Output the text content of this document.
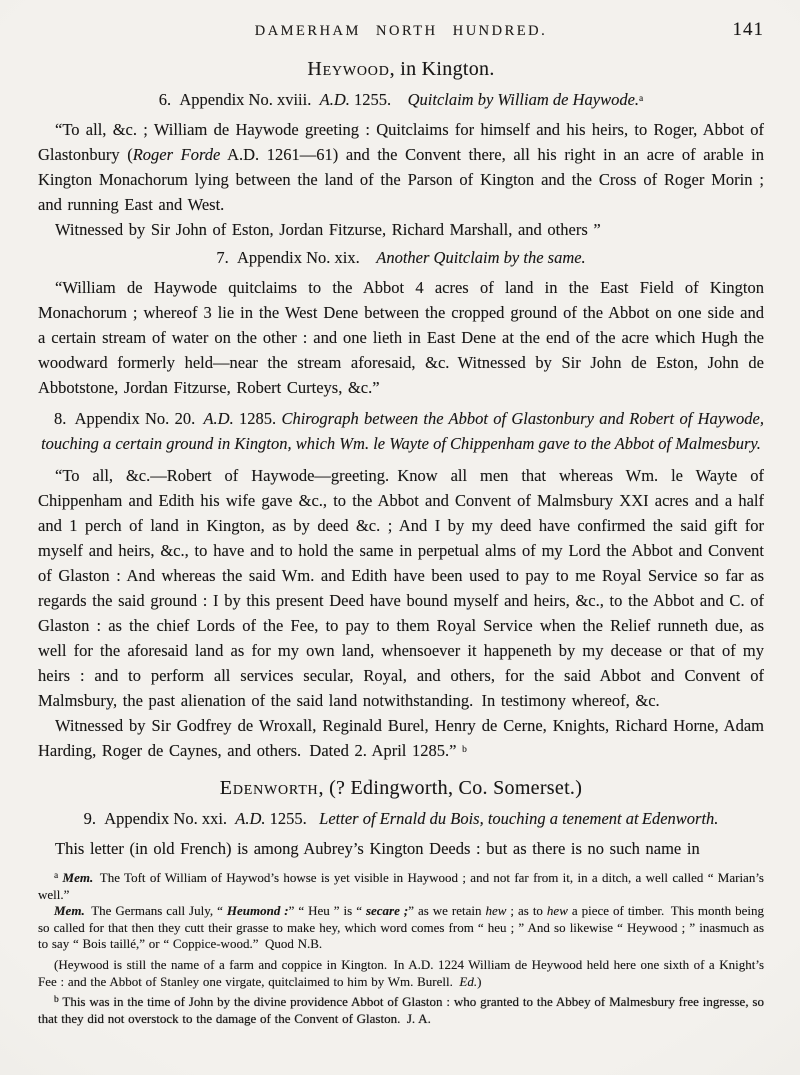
DAMERHAM NORTH HUNDRED.	141
Heywood, in Kington.
6. Appendix No. xviii. A.D. 1255.  Quitclaim by William de Haywode.$^a$

“To all, &c. ; William de Haywode greeting : Quitclaims for himself and his heirs, to Roger, Abbot of Glastonbury (Roger Forde A.D. 1261—61) and the Convent there, all his right in an acre of arable in Kington Monachorum lying between the land of the Parson of Kington and the Cross of Roger Morin ; and running East and West.

Witnessed by Sir John of Eston, Jordan Fitzurse, Richard Marshall, and others ”

7. Appendix No. xix.  Another Quitclaim by the same.

“William de Haywode quitclaims to the Abbot 4 acres of land in the East Field of Kington Monachorum ; whereof 3 lie in the West Dene between the cropped ground of the Abbot on one side and a certain stream of water on the other : and one lieth in East Dene at the end of the acre which Hugh the woodward formerly held—near the stream aforesaid, &c. Witnessed by Sir John de Eston, John de Abbotstone, Jordan Fitzurse, Robert Curteys, &c.”

8. Appendix No. 20. A.D. 1285. Chirograph between the Abbot of Glastonbury and Robert of Haywode, touching a certain ground in Kington, which Wm. le Wayte of Chippenham gave to the Abbot of Malmesbury.

“To all, &c.—Robert of Haywode—greeting. Know all men that whereas Wm. le Wayte of Chippenham and Edith his wife gave &c., to the Abbot and Convent of Malmsbury XXI acres and a half and 1 perch of land in Kington, as by deed &c. ; And I by my deed have confirmed the said gift for myself and heirs, &c., to have and to hold the same in perpetual alms of my Lord the Abbot and Convent of Glaston : And whereas the said Wm. and Edith have been used to pay to me Royal Service so far as regards the said ground : I by this present Deed have bound myself and heirs, &c., to the Abbot and C. of Glaston : as the chief Lords of the Fee, to pay to them Royal Service when the Relief runneth due, as well for the aforesaid land as for my own land, whensoever it happeneth by my decease or that of my heirs : and to perform all services secular, Royal, and others, for the said Abbot and Convent of Malmsbury, the past alienation of the said land notwithstanding. In testimony whereof, &c.

Witnessed by Sir Godfrey de Wroxall, Reginald Burel, Henry de Cerne, Knights, Richard Horne, Adam Harding, Roger de Caynes, and others. Dated 2. April 1285.” $^b$

Edenworth, (? Edingworth, Co. Somerset.)
9. Appendix No. xxi. A.D. 1255.  Letter of Ernald du Bois, touching a tenement at Edenworth.

This letter (in old French) is among Aubrey’s Kington Deeds : but as there is no such name in

$^a$ Mem. The Toft of William of Haywod’s howse is yet visible in Haywood ; and not far from it, in a ditch, a well called “ Marian’s well.”

Mem. The Germans call July, “ Heumond :” “ Heu ” is “ secare ;” as we retain hew ; as to hew a piece of timber. This month being so called for that then they cutt their grasse to make hey, which word comes from “ heu ; ” And so likewise “ Heywood ; ” inasmuch as to say “ Bois taillé,” or “ Coppice-wood.” Quod N.B.

(Heywood is still the name of a farm and coppice in Kington. In A.D. 1224 William de Heywood held here one sixth of a Knight’s Fee : and the Abbot of Stanley one virgate, quitclaimed to him by Wm. Burell. Ed.)

$^b$ This was in the time of John by the divine providence Abbot of Glaston : who granted to the Abbey of Malmesbury free ingresse, so that they did not overstock to the damage of the Convent of Glaston. J. A.
